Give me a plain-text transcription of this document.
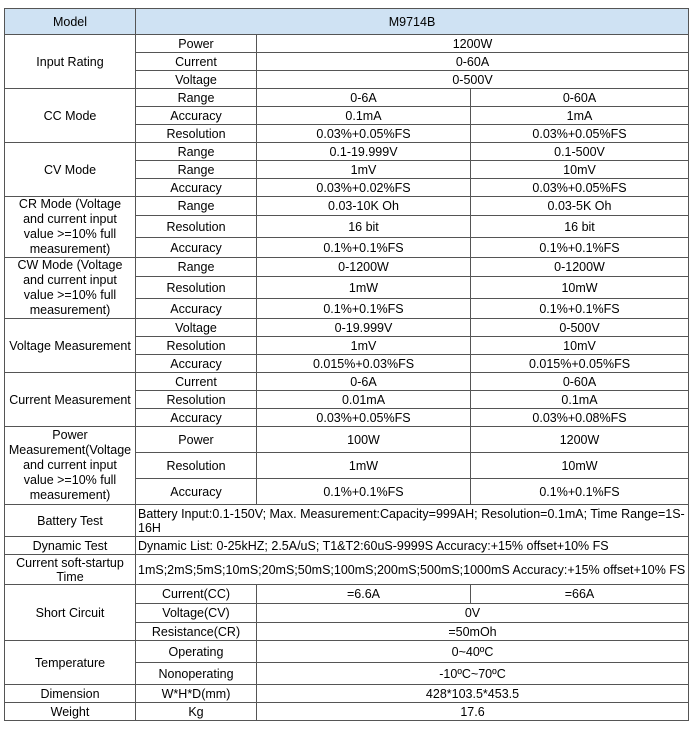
Model	M9714B		
Input Rating	Power	1200W	
	Current	0-60A	
	Voltage	0-500V	
CC Mode	Range	0-6A	0-60A
	Accuracy	0.1mA	1mA
	Resolution	0.03%+0.05%FS	0.03%+0.05%FS
CV Mode	Range	0.1-19.999V	0.1-500V
	Range	1mV	10mV
	Accuracy	0.03%+0.02%FS	0.03%+0.05%FS
CR Mode (Voltage and current input value >=10% full measurement)	Range	0.03-10K Oh	0.03-5K Oh
	Resolution	16 bit	16 bit
	Accuracy	0.1%+0.1%FS	0.1%+0.1%FS
CW Mode (Voltage and current input value >=10% full measurement)	Range	0-1200W	0-1200W
	Resolution	1mW	10mW
	Accuracy	0.1%+0.1%FS	0.1%+0.1%FS
Voltage Measurement	Voltage	0-19.999V	0-500V
	Resolution	1mV	10mV
	Accuracy	0.015%+0.03%FS	0.015%+0.05%FS
Current Measurement	Current	0-6A	0-60A
	Resolution	0.01mA	0.1mA
	Accuracy	0.03%+0.05%FS	0.03%+0.08%FS
Power Measurement(Voltage and current input value >=10% full measurement)	Power	100W	1200W
	Resolution	1mW	10mW
	Accuracy	0.1%+0.1%FS	0.1%+0.1%FS
Battery Test	Battery Input:0.1-150V; Max. Measurement:Capacity=999AH; Resolution=0.1mA; Time Range=1S-16H		
Dynamic Test	Dynamic List: 0-25kHZ; 2.5A/uS; T1&T2:60uS-9999S Accuracy:+15% offset+10% FS		
Current soft-startup Time	1mS;2mS;5mS;10mS;20mS;50mS;100mS;200mS;500mS;1000mS Accuracy:+15% offset+10% FS		
Short Circuit	Current(CC)	=6.6A	=66A
	Voltage(CV)	0V	
	Resistance(CR)	=50mOh	
Temperature	Operating	0~40ºC	
	Nonoperating	-10ºC~70ºC	
Dimension	W*H*D(mm)	428*103.5*453.5	
Weight	Kg	17.6	
